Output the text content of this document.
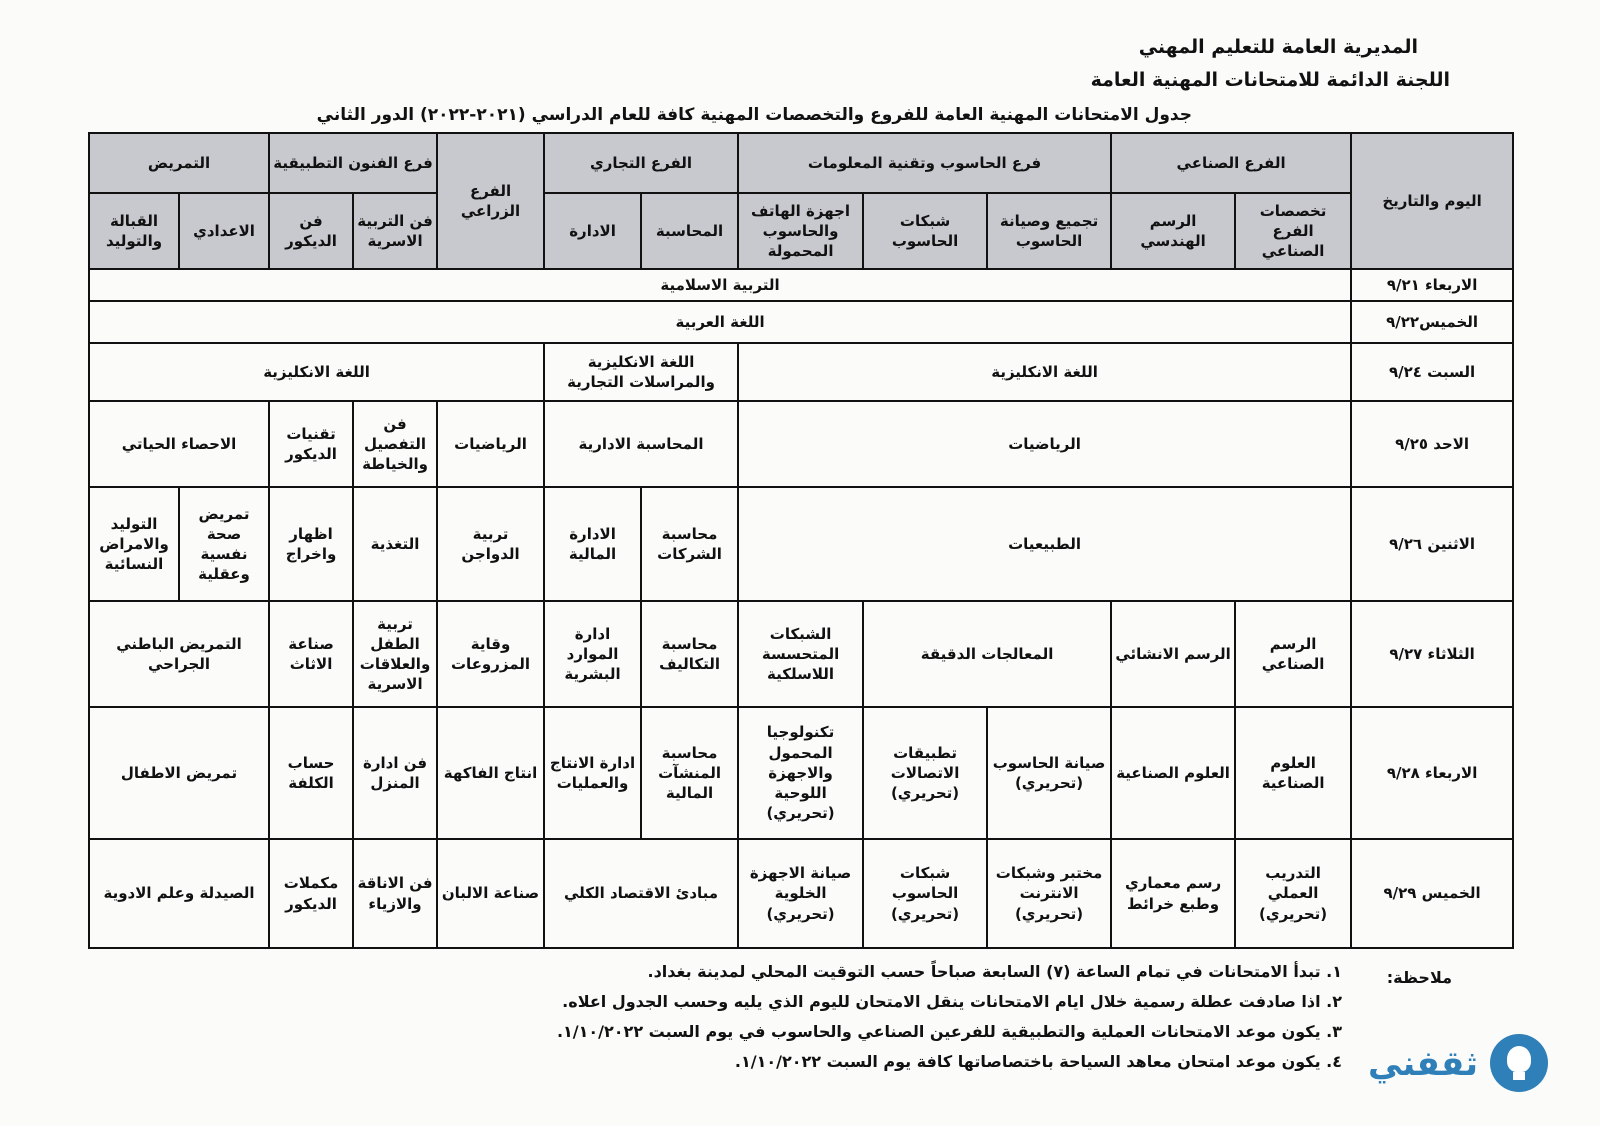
المديرية العامة للتعليم المهني
اللجنة الدائمة للامتحانات المهنية العامة
جدول الامتحانات المهنية العامة للفروع والتخصصات المهنية كافة للعام الدراسي (٢٠٢١-٢٠٢٢) الدور الثاني
اليوم والتاريخ	الفرع الصناعي		فرع الحاسوب وتقنية المعلومات			الفرع التجاري		الفرع الزراعي	فرع الفنون التطبيقية		التمريض	
	تخصصات الفرع الصناعي	الرسم الهندسي	تجميع وصيانة الحاسوب	شبكات الحاسوب	اجهزة الهاتف والحاسوب المحمولة	المحاسبة	الادارة		فن التربية الاسرية	فن الديكور	الاعدادي	القبالة والتوليد
الاربعاء ٩/٢١	التربية الاسلامية											
الخميس٩/٢٢	اللغة العربية											
السبت ٩/٢٤	اللغة الانكليزية					اللغة الانكليزية والمراسلات التجارية		اللغة الانكليزية				
الاحد ٩/٢٥	الرياضيات					المحاسبة الادارية		الرياضيات	فن التفصيل والخياطة	تقنيات الديكور	الاحصاء الحياتي	
الاثنين ٩/٢٦	الطبيعيات					محاسبة الشركات	الادارة المالية	تربية الدواجن	التغذية	اظهار واخراج	تمريض صحة نفسية وعقلية	التوليد والامراض النسائية
الثلاثاء ٩/٢٧	الرسم الصناعي	الرسم الانشائي	المعالجات الدقيقة		الشبكات المتحسسة اللاسلكية	محاسبة التكاليف	ادارة الموارد البشرية	وقاية المزروعات	تربية الطفل والعلاقات الاسرية	صناعة الاثاث	التمريض الباطني الجراحي	
الاربعاء ٩/٢٨	العلوم الصناعية	العلوم الصناعية	صيانة الحاسوب (تحريري)	تطبيقات الاتصالات (تحريري)	تكنولوجيا المحمول والاجهزة اللوحية (تحريري)	محاسبة المنشآت المالية	ادارة الانتاج والعمليات	انتاج الفاكهة	فن ادارة المنزل	حساب الكلفة	تمريض الاطفال	
الخميس ٩/٢٩	التدريب العملي (تحريري)	رسم معماري وطبع خرائط	مختبر وشبكات الانترنت (تحريري)	شبكات الحاسوب (تحريري)	صيانة الاجهزة الخلوية (تحريري)	مبادئ الاقتصاد الكلي		صناعة الالبان	فن الاناقة والازياء	مكملات الديكور	الصيدلة وعلم الادوية	
ملاحظة:
١. تبدأ الامتحانات في تمام الساعة (٧) السابعة صباحاً حسب التوقيت المحلي لمدينة بغداد.
٢. اذا صادفت عطلة رسمية خلال ايام الامتحانات ينقل الامتحان لليوم الذي يليه وحسب الجدول اعلاه.
٣. يكون موعد الامتحانات العملية والتطبيقية للفرعين الصناعي والحاسوب في يوم السبت ١/١٠/٢٠٢٢.
٤. يكون موعد امتحان معاهد السياحة باختصاصاتها كافة يوم السبت ١/١٠/٢٠٢٢. ثقفني
